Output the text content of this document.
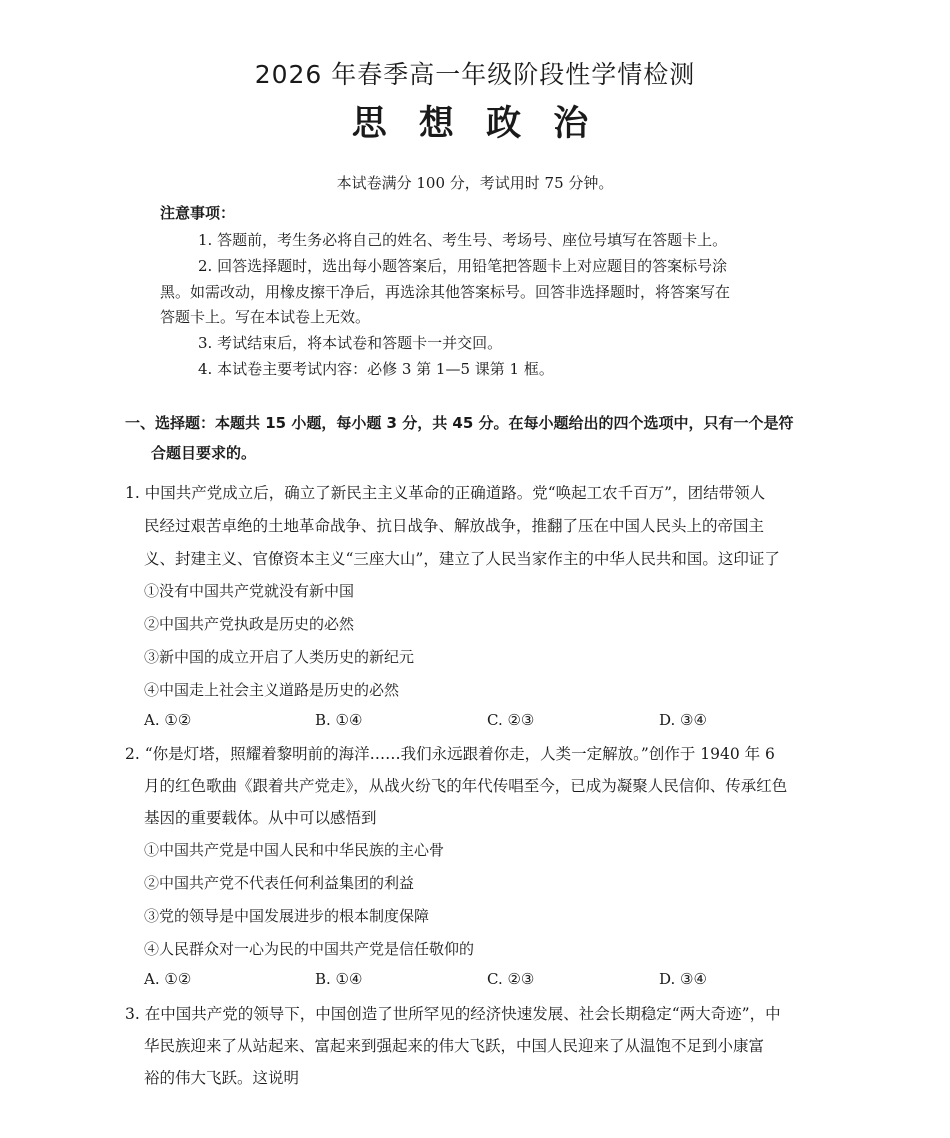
2026 年春季高一年级阶段性学情检测
思 想 政 治
本试卷满分 100 分，考试用时 75 分钟。
注意事项：
1. 答题前，考生务必将自己的姓名、考生号、考场号、座位号填写在答题卡上。
2. 回答选择题时，选出每小题答案后，用铅笔把答题卡上对应题目的答案标号涂
黑。如需改动，用橡皮擦干净后，再选涂其他答案标号。回答非选择题时，将答案写在
答题卡上。写在本试卷上无效。
3. 考试结束后，将本试卷和答题卡一并交回。
4. 本试卷主要考试内容：必修 3 第 1—5 课第 1 框。
一、选择题：本题共 15 小题，每小题 3 分，共 45 分。在每小题给出的四个选项中，只有一个是符
合题目要求的。
1. 中国共产党成立后，确立了新民主主义革命的正确道路。党“唤起工农千百万”，团结带领人
民经过艰苦卓绝的土地革命战争、抗日战争、解放战争，推翻了压在中国人民头上的帝国主
义、封建主义、官僚资本主义“三座大山”，建立了人民当家作主的中华人民共和国。这印证了
①没有中国共产党就没有新中国
②中国共产党执政是历史的必然
③新中国的成立开启了人类历史的新纪元
④中国走上社会主义道路是历史的必然
A. ①②	B. ①④	C. ②③	D. ③④
2. “你是灯塔，照耀着黎明前的海洋……我们永远跟着你走，人类一定解放。”创作于 1940 年 6
月的红色歌曲《跟着共产党走》，从战火纷飞的年代传唱至今，已成为凝聚人民信仰、传承红色
基因的重要载体。从中可以感悟到
①中国共产党是中国人民和中华民族的主心骨
②中国共产党不代表任何利益集团的利益
③党的领导是中国发展进步的根本制度保障
④人民群众对一心为民的中国共产党是信任敬仰的
A. ①②	B. ①④	C. ②③	D. ③④
3. 在中国共产党的领导下，中国创造了世所罕见的经济快速发展、社会长期稳定“两大奇迹”，中
华民族迎来了从站起来、富起来到强起来的伟大飞跃，中国人民迎来了从温饱不足到小康富
裕的伟大飞跃。这说明
